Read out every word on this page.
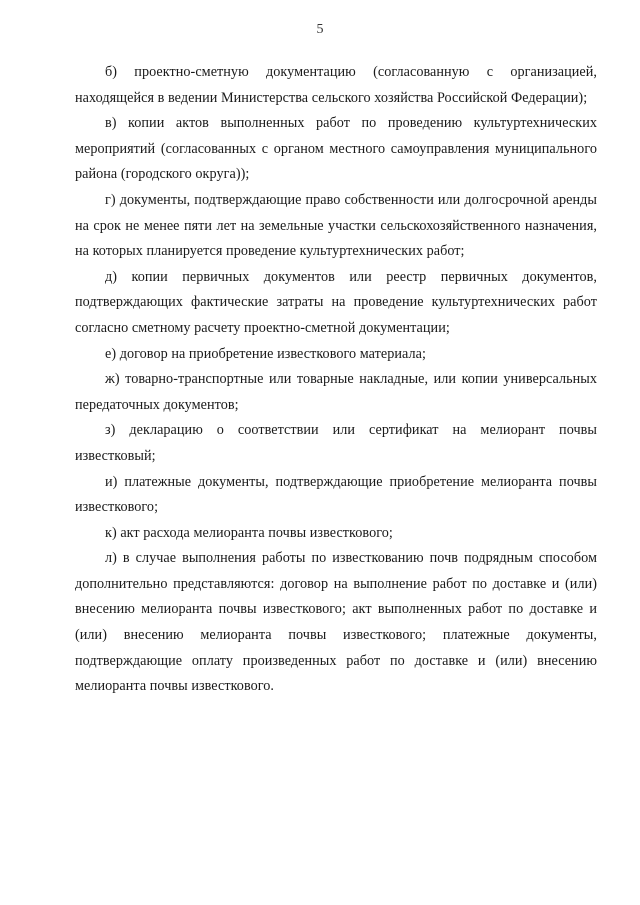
5

б) проектно-сметную документацию (согласованную с организацией, находящейся в ведении Министерства сельского хозяйства Российской Федерации);

в) копии актов выполненных работ по проведению культуртехнических мероприятий (согласованных с органом местного самоуправления муниципального района (городского округа));

г) документы, подтверждающие право собственности или долгосрочной аренды на срок не менее пяти лет на земельные участки сельскохозяйственного назначения, на которых планируется проведение культуртехнических работ;

д) копии первичных документов или реестр первичных документов, подтверждающих фактические затраты на проведение культуртехнических работ согласно сметному расчету проектно-сметной документации;

е) договор на приобретение известкового материала;

ж) товарно-транспортные или товарные накладные, или копии универсальных передаточных документов;

з) декларацию о соответствии или сертификат на мелиорант почвы известковый;

и) платежные документы, подтверждающие приобретение мелиоранта почвы известкового;

к) акт расхода мелиоранта почвы известкового;

л) в случае выполнения работы по известкованию почв подрядным способом дополнительно представляются: договор на выполнение работ по доставке и (или) внесению мелиоранта почвы известкового; акт выполненных работ по доставке и (или) внесению мелиоранта почвы известкового; платежные документы, подтверждающие оплату произведенных работ по доставке и (или) внесению мелиоранта почвы известкового.
